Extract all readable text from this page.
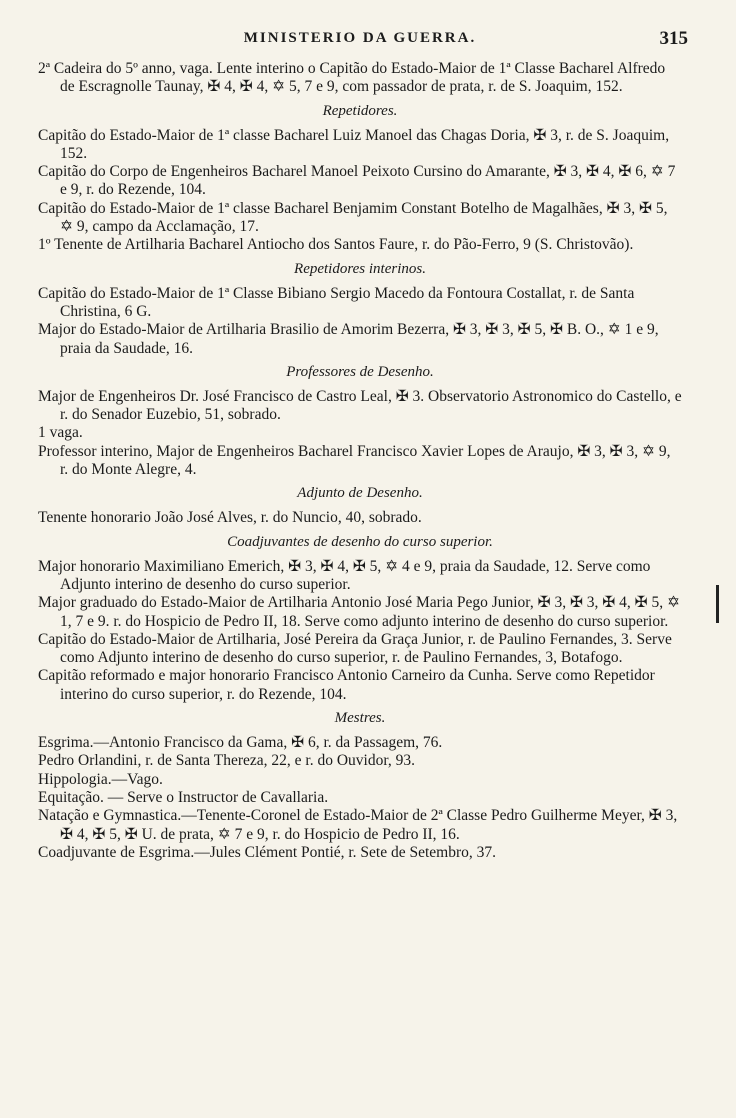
MINISTERIO DA GUERRA.	315

2ª Cadeira do 5º anno, vaga. Lente interino o Capitão do Estado-Maior de 1ª Classe Bacharel Alfredo de Escragnolle Taunay, ✠ 4, ✠ 4, ✡ 5, 7 e 9, com passador de prata, r. de S. Joaquim, 152.

Repetidores.

Capitão do Estado-Maior de 1ª classe Bacharel Luiz Manoel das Chagas Doria, ✠ 3, r. de S. Joaquim, 152.

Capitão do Corpo de Engenheiros Bacharel Manoel Peixoto Cursino do Amarante, ✠ 3, ✠ 4, ✠ 6, ✡ 7 e 9, r. do Rezende, 104.

Capitão do Estado-Maior de 1ª classe Bacharel Benjamim Constant Botelho de Magalhães, ✠ 3, ✠ 5, ✡ 9, campo da Acclamação, 17.

1º Tenente de Artilharia Bacharel Antiocho dos Santos Faure, r. do Pão-Ferro, 9 (S. Christovão).

Repetidores interinos.

Capitão do Estado-Maior de 1ª Classe Bibiano Sergio Macedo da Fontoura Costallat, r. de Santa Christina, 6 G.

Major do Estado-Maior de Artilharia Brasilio de Amorim Bezerra, ✠ 3, ✠ 3, ✠ 5, ✠ B. O., ✡ 1 e 9, praia da Saudade, 16.

Professores de Desenho.

Major de Engenheiros Dr. José Francisco de Castro Leal, ✠ 3. Observatorio Astronomico do Castello, e r. do Senador Euzebio, 51, sobrado.

1 vaga.

Professor interino, Major de Engenheiros Bacharel Francisco Xavier Lopes de Araujo, ✠ 3, ✠ 3, ✡ 9, r. do Monte Alegre, 4.

Adjunto de Desenho.

Tenente honorario João José Alves, r. do Nuncio, 40, sobrado.

Coadjuvantes de desenho do curso superior.

Major honorario Maximiliano Emerich, ✠ 3, ✠ 4, ✠ 5, ✡ 4 e 9, praia da Saudade, 12. Serve como Adjunto interino de desenho do curso superior.

Major graduado do Estado-Maior de Artilharia Antonio José Maria Pego Junior, ✠ 3, ✠ 3, ✠ 4, ✠ 5, ✡ 1, 7 e 9. r. do Hospicio de Pedro II, 18. Serve como adjunto interino de desenho do curso superior.

Capitão do Estado-Maior de Artilharia, José Pereira da Graça Junior, r. de Paulino Fernandes, 3. Serve como Adjunto interino de desenho do curso superior, r. de Paulino Fernandes, 3, Botafogo.

Capitão reformado e major honorario Francisco Antonio Carneiro da Cunha. Serve como Repetidor interino do curso superior, r. do Rezende, 104.

Mestres.

Esgrima.—Antonio Francisco da Gama, ✠ 6, r. da Passagem, 76.

Pedro Orlandini, r. de Santa Thereza, 22, e r. do Ouvidor, 93.

Hippologia.—Vago.

Equitação. — Serve o Instructor de Cavallaria.

Natação e Gymnastica.—Tenente-Coronel de Estado-Maior de 2ª Classe Pedro Guilherme Meyer, ✠ 3, ✠ 4, ✠ 5, ✠ U. de prata, ✡ 7 e 9, r. do Hospicio de Pedro II, 16.

Coadjuvante de Esgrima.—Jules Clément Pontié, r. Sete de Setembro, 37.
